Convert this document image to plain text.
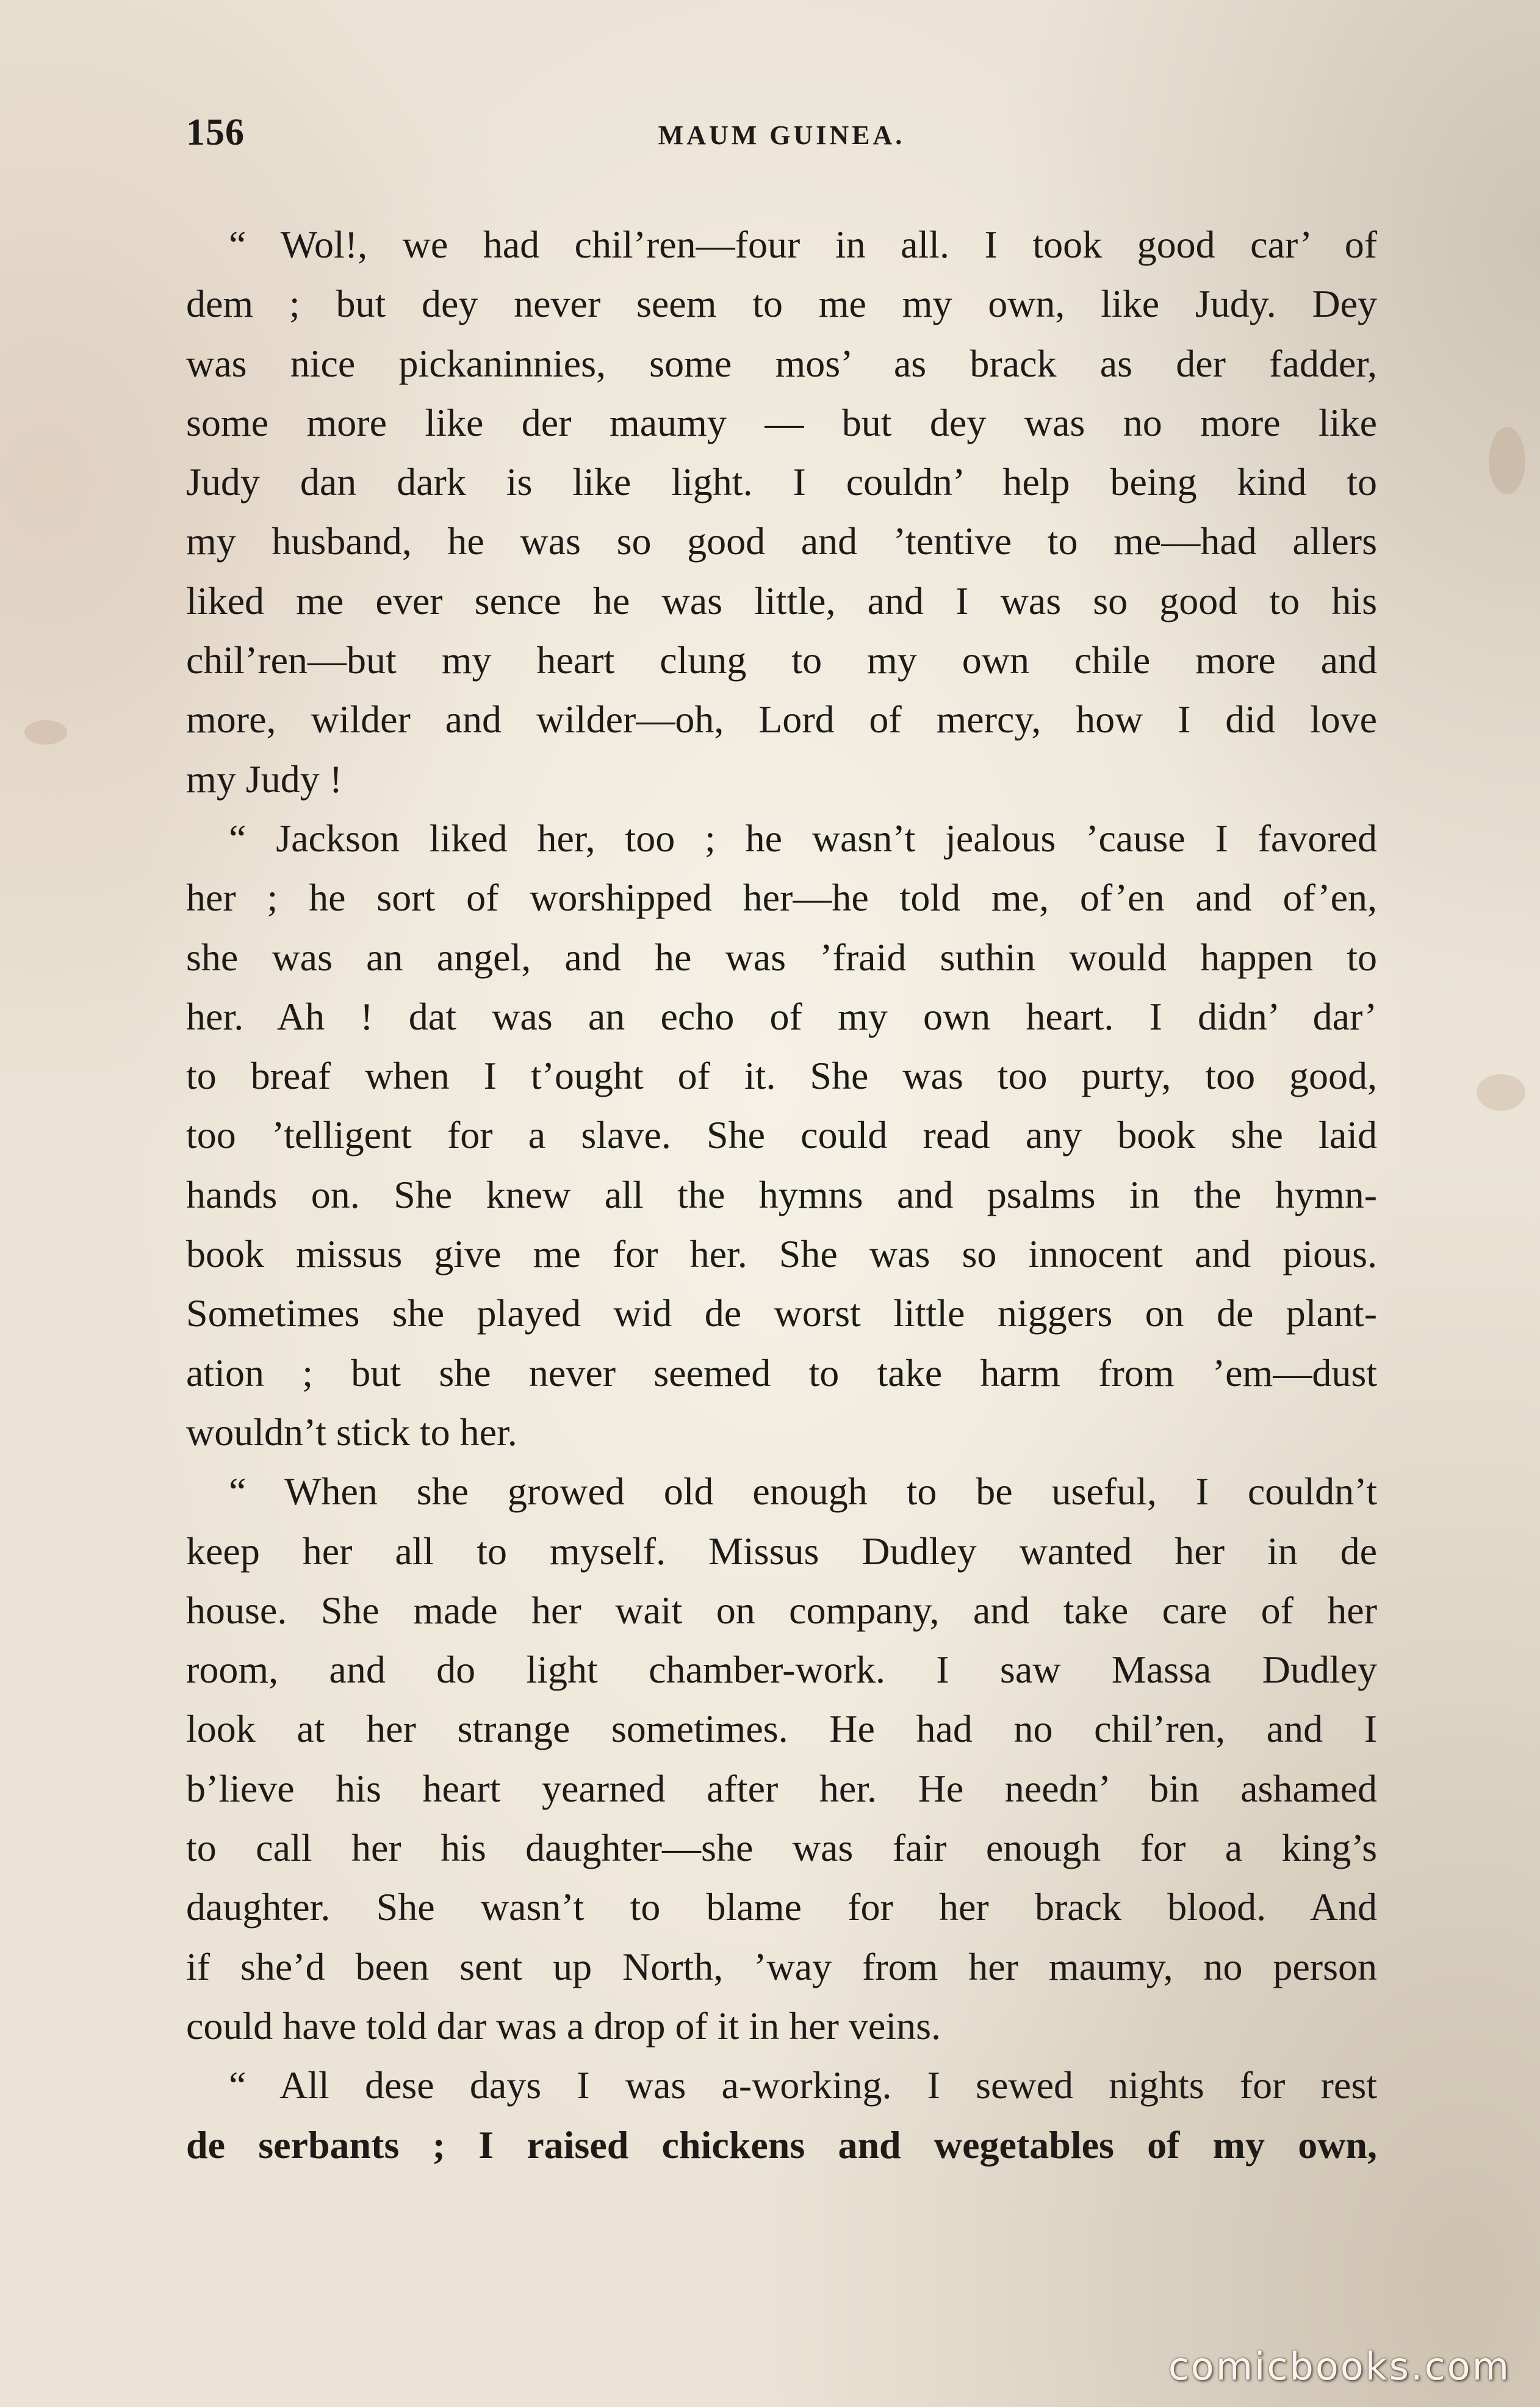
156	MAUM GUINEA.

“ Wol!, we had chil’ren—four in all. I took good car’ of
dem ; but dey never seem to me my own, like Judy. Dey
was nice pickaninnies, some mos’ as brack as der fadder,
some more like der maumy — but dey was no more like
Judy dan dark is like light. I couldn’ help being kind to
my husband, he was so good and ’tentive to me—had allers
liked me ever sence he was little, and I was so good to his
chil’ren—but my heart clung to my own chile more and
more, wilder and wilder—oh, Lord of mercy, how I did love
my Judy !

“ Jackson liked her, too ; he wasn’t jealous ’cause I favored
her ; he sort of worshipped her—he told me, of’en and of’en,
she was an angel, and he was ’fraid suthin would happen to
her. Ah ! dat was an echo of my own heart. I didn’ dar’
to breaf when I t’ought of it. She was too purty, too good,
too ’telligent for a slave. She could read any book she laid
hands on. She knew all the hymns and psalms in the hymn-
book missus give me for her. She was so innocent and pious.
Sometimes she played wid de worst little niggers on de plant-
ation ; but she never seemed to take harm from ’em—dust
wouldn’t stick to her.

“ When she growed old enough to be useful, I couldn’t
keep her all to myself. Missus Dudley wanted her in de
house. She made her wait on company, and take care of her
room, and do light chamber-work. I saw Massa Dudley
look at her strange sometimes. He had no chil’ren, and I
b’lieve his heart yearned after her. He needn’ bin ashamed
to call her his daughter—she was fair enough for a king’s
daughter. She wasn’t to blame for her brack blood. And
if she’d been sent up North, ’way from her maumy, no person
could have told dar was a drop of it in her veins.

“ All dese days I was a-working. I sewed nights for rest
de serbants ; I raised chickens and wegetables of my own,

comicbooks.com
